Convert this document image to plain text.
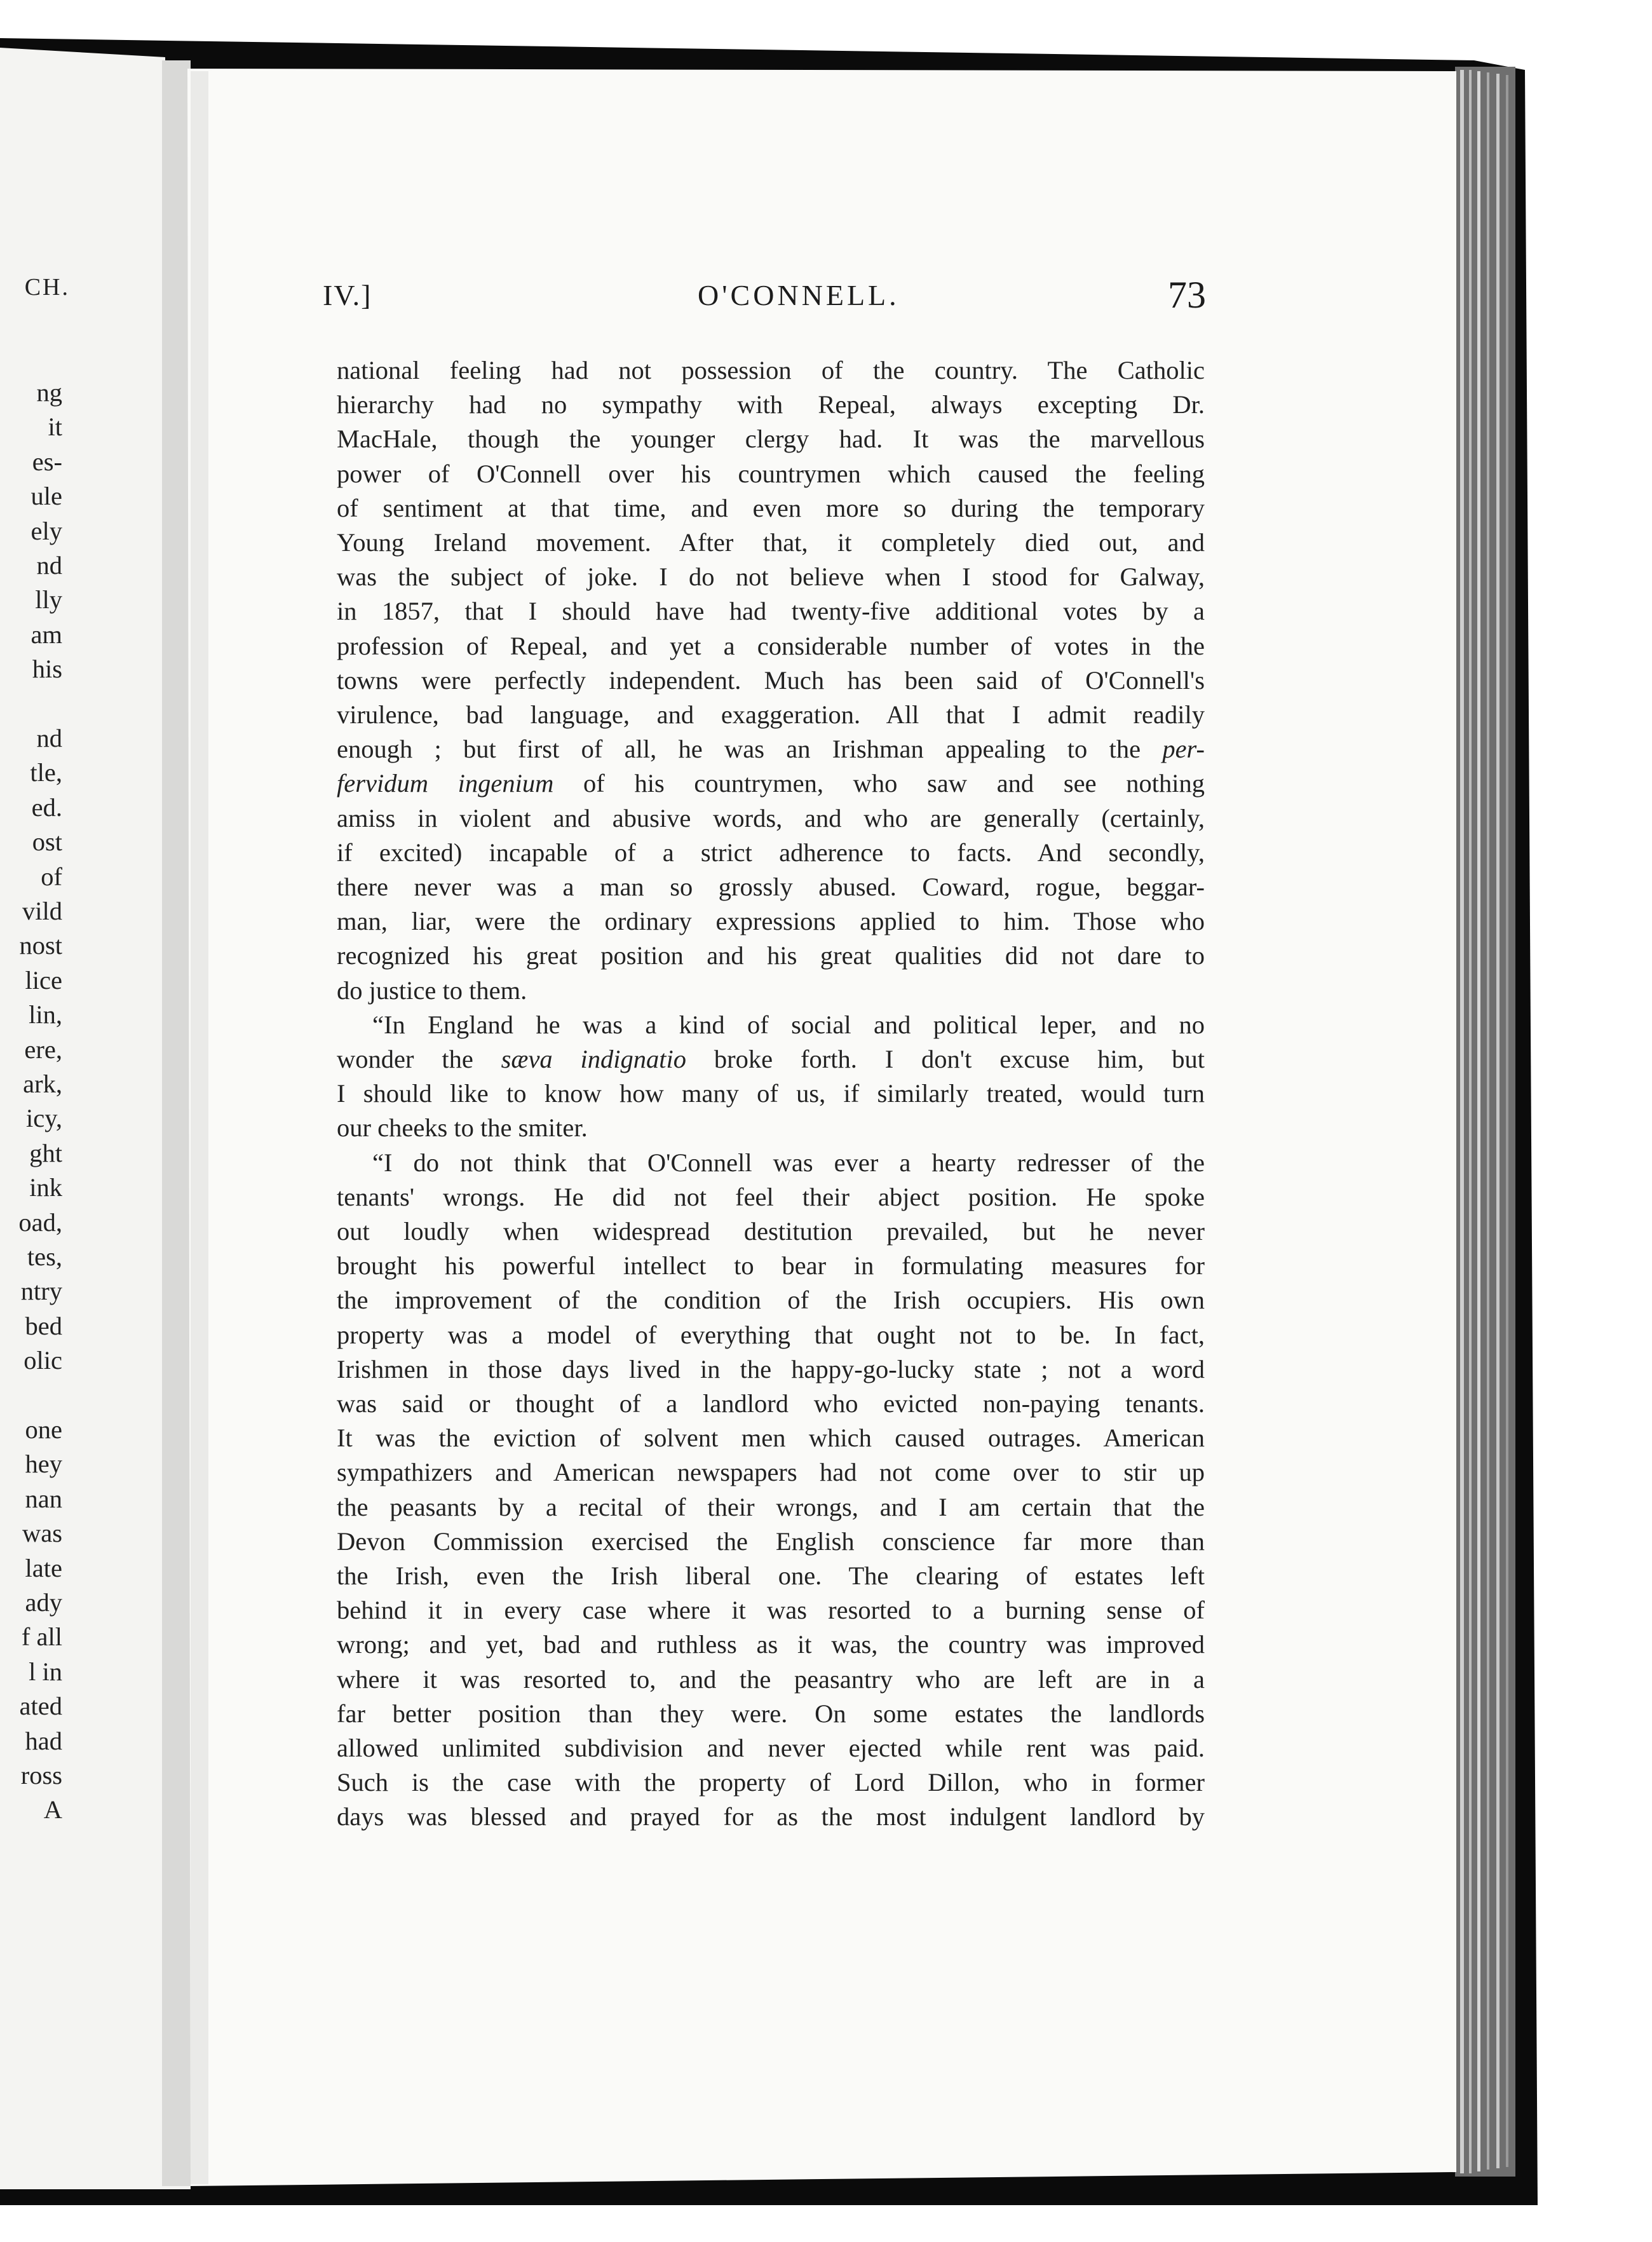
CH.
ng
it
es-
ule
ely
nd
lly
am
his
nd
tle,
ed.
ost
of
vild
nost
lice
lin,
ere,
ark,
icy,
ght
ink
oad,
tes,
ntry
bed
olic
one
hey
nan
was
late
ady
f all
l in
ated
had
ross
A
IV.]	O'CONNELL.	73
national feeling had not possession of the country. The Catholic
hierarchy had no sympathy with Repeal, always excepting Dr.
MacHale, though the younger clergy had. It was the marvellous
power of O'Connell over his countrymen which caused the feeling
of sentiment at that time, and even more so during the temporary
Young Ireland movement. After that, it completely died out, and
was the subject of joke. I do not believe when I stood for Galway,
in 1857, that I should have had twenty-five additional votes by a
profession of Repeal, and yet a considerable number of votes in the
towns were perfectly independent. Much has been said of O'Connell's
virulence, bad language, and exaggeration. All that I admit readily
enough ; but first of all, he was an Irishman appealing to the per-
fervidum ingenium of his countrymen, who saw and see nothing
amiss in violent and abusive words, and who are generally (certainly,
if excited) incapable of a strict adherence to facts. And secondly,
there never was a man so grossly abused. Coward, rogue, beggar-
man, liar, were the ordinary expressions applied to him. Those who
recognized his great position and his great qualities did not dare to
do justice to them.
“In England he was a kind of social and political leper, and no
wonder the sæva indignatio broke forth. I don't excuse him, but
I should like to know how many of us, if similarly treated, would turn
our cheeks to the smiter.
“I do not think that O'Connell was ever a hearty redresser of the
tenants' wrongs. He did not feel their abject position. He spoke
out loudly when widespread destitution prevailed, but he never
brought his powerful intellect to bear in formulating measures for
the improvement of the condition of the Irish occupiers. His own
property was a model of everything that ought not to be. In fact,
Irishmen in those days lived in the happy-go-lucky state ; not a word
was said or thought of a landlord who evicted non-paying tenants.
It was the eviction of solvent men which caused outrages. American
sympathizers and American newspapers had not come over to stir up
the peasants by a recital of their wrongs, and I am certain that the
Devon Commission exercised the English conscience far more than
the Irish, even the Irish liberal one. The clearing of estates left
behind it in every case where it was resorted to a burning sense of
wrong; and yet, bad and ruthless as it was, the country was improved
where it was resorted to, and the peasantry who are left are in a
far better position than they were. On some estates the landlords
allowed unlimited subdivision and never ejected while rent was paid.
Such is the case with the property of Lord Dillon, who in former
days was blessed and prayed for as the most indulgent landlord by
